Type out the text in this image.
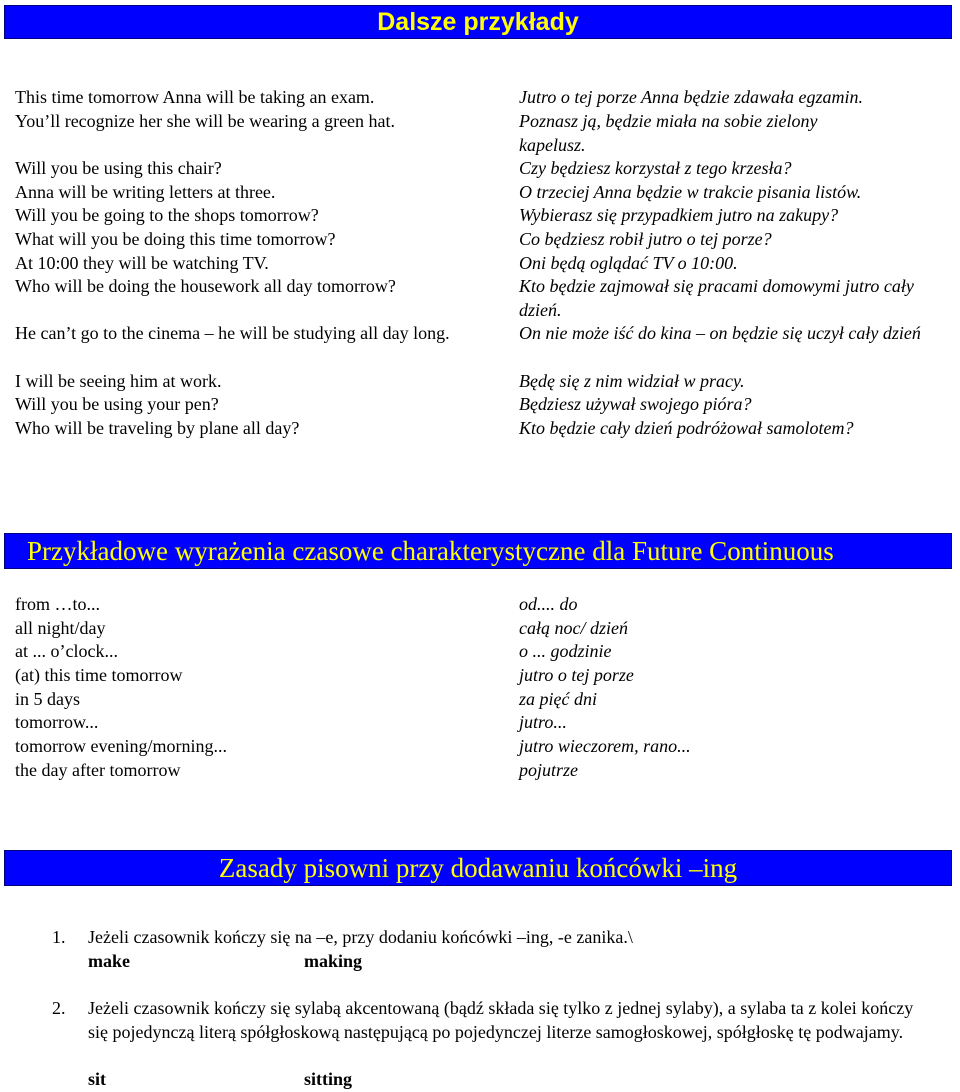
Dalsze przykłady
This time tomorrow Anna will be taking an exam.	Jutro o tej porze Anna będzie zdawała egzamin.
You’ll recognize her she will be wearing a green hat.	Poznasz ją, będzie miała na sobie zielony kapelusz.
Will you be using this chair?	Czy będziesz korzystał z tego krzesła?
Anna will be writing letters at three.	O trzeciej Anna będzie w trakcie pisania listów.
Will you be going to the shops tomorrow?	Wybierasz się przypadkiem jutro na zakupy?
What will you be doing this time tomorrow?	Co będziesz robił jutro o tej porze?
At 10:00 they will be watching TV.	Oni będą oglądać TV o 10:00.
Who will be doing the housework all day tomorrow?	Kto będzie zajmował się pracami domowymi jutro cały dzień.
He can’t go to the cinema – he will be studying all day long.	On nie może iść do kina – on będzie się uczył cały dzień
I will be seeing him at work.	Będę się z nim widział w pracy.
Will you be using your pen?	Będziesz używał swojego pióra?
Who will be traveling by plane all day?	Kto będzie cały dzień podróżował samolotem?
Przykładowe wyrażenia czasowe charakterystyczne dla Future Continuous
from …to...	od.... do
all night/day	całą noc/ dzień
at ... o’clock...	o ... godzinie
(at) this time tomorrow	jutro o tej porze
in 5 days	za pięć dni
tomorrow...	jutro...
tomorrow evening/morning...	jutro wieczorem, rano...
the day after tomorrow	pojutrze
Zasady pisowni przy dodawaniu końcówki –ing
1. Jeżeli czasownik kończy się na –e, przy dodaniu końcówki –ing, -e zanika.\
make	making
2. Jeżeli czasownik kończy się sylabą akcentowaną (bądź składa się tylko z jednej sylaby), a sylaba ta z kolei kończy się pojedynczą literą spółgłoskową następującą po pojedynczej literze samogłoskowej, spółgłoskę tę podwajamy.
sit	sitting
